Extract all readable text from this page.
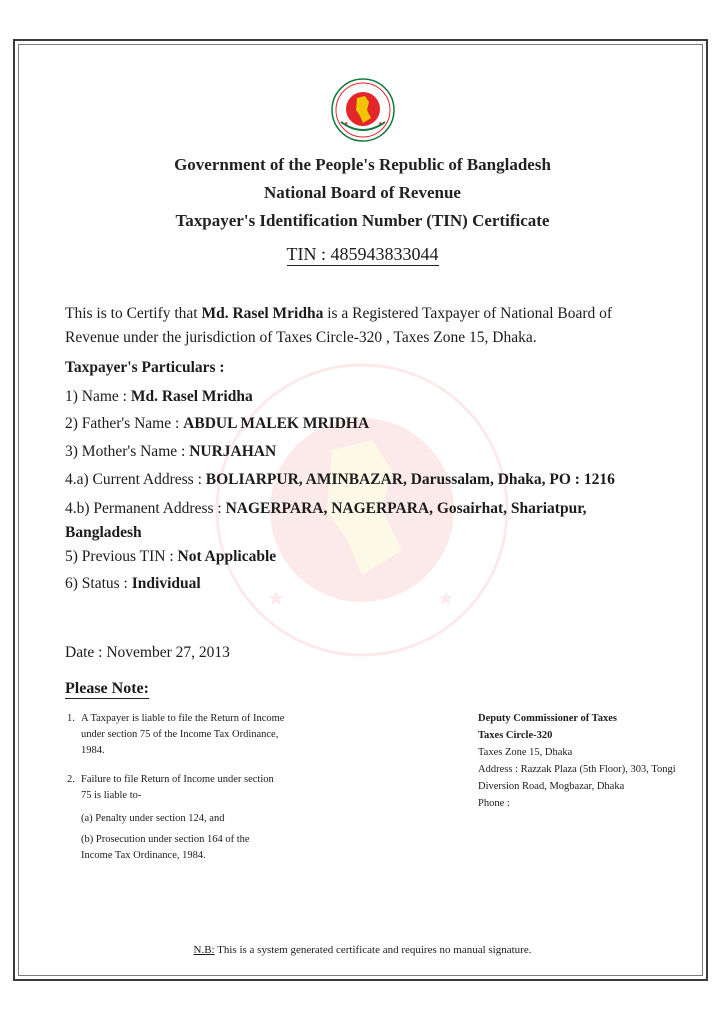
★	★
★	★
Government of the People's Republic of Bangladesh
National Board of Revenue
Taxpayer's Identification Number (TIN) Certificate
TIN : 485943833044
This is to Certify that Md. Rasel Mridha is a Registered Taxpayer of National Board of Revenue under the jurisdiction of Taxes Circle-320 , Taxes Zone 15, Dhaka.
Taxpayer's Particulars :
1) Name : Md. Rasel Mridha
2) Father's Name : ABDUL MALEK MRIDHA
3) Mother's Name : NURJAHAN
4.a) Current Address : BOLIARPUR, AMINBAZAR, Darussalam, Dhaka, PO : 1216
4.b) Permanent Address : NAGERPARA, NAGERPARA, Gosairhat, Shariatpur, Bangladesh
5) Previous TIN : Not Applicable
6) Status : Individual
Date : November 27, 2013
Please Note:
1. A Taxpayer is liable to file the Return of Income under section 75 of the Income Tax Ordinance, 1984.
2. Failure to file Return of Income under section 75 is liable to-
(a) Penalty under section 124, and
(b) Prosecution under section 164 of the Income Tax Ordinance, 1984.
Deputy Commissioner of Taxes
Taxes Circle-320
Taxes Zone 15, Dhaka
Address : Razzak Plaza (5th Floor), 303, Tongi Diversion Road, Mogbazar, Dhaka
Phone :
N.B: This is a system generated certificate and requires no manual signature.
